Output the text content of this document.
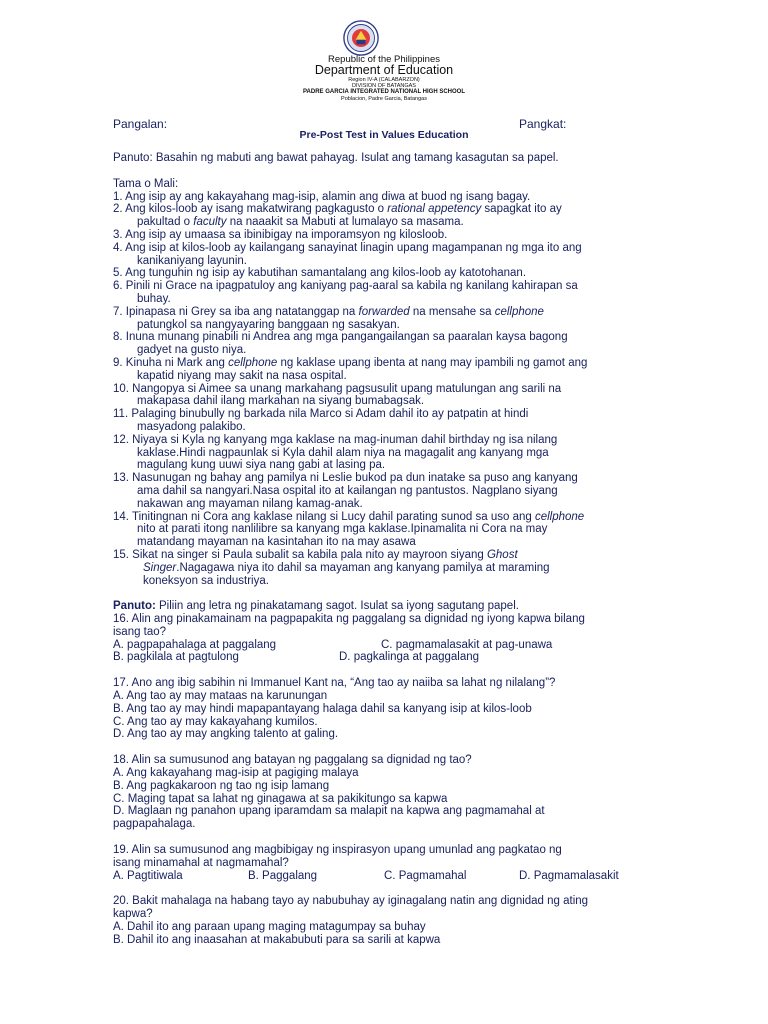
Republic of the Philippines
Department of Education
Region IV-A (CALABARZON)
DIVISION OF BATANGAS
PADRE GARCIA INTEGRATED NATIONAL HIGH SCHOOL
Poblacion, Padre Garcia, Batangas
Pangalan:	Pangkat:
Pre-Post Test in Values Education

Panuto: Basahin ng mabuti ang bawat pahayag. Isulat ang tamang kasagutan sa papel.

Tama o Mali:

1. Ang isip ay ang kakayahang mag-isip, alamin ang diwa at buod ng isang bagay.

2. Ang kilos-loob ay isang makatwirang pagkagusto o rational appetency sapagkat ito ay

pakultad o faculty na naaakit sa Mabuti at lumalayo sa masama.

3. Ang isip ay umaasa sa ibinibigay na imporamsyon ng kilosloob.

4. Ang isip at kilos-loob ay kailangang sanayinat linagin upang magampanan ng mga ito ang

kanikaniyang layunin.

5. Ang tunguhin ng isip ay kabutihan samantalang ang kilos-loob ay katotohanan.

6. Pinili ni Grace na ipagpatuloy ang kaniyang pag-aaral sa kabila ng kanilang kahirapan sa

buhay.

7. Ipinapasa ni Grey sa iba ang natatanggap na forwarded na mensahe sa cellphone

patungkol sa nangyayaring banggaan ng sasakyan.

8. Inuna munang pinabili ni Andrea ang mga pangangailangan sa paaralan kaysa bagong

gadyet na gusto niya.

9. Kinuha ni Mark ang cellphone ng kaklase upang ibenta at nang may ipambili ng gamot ang

kapatid niyang may sakit na nasa ospital.

10. Nangopya si Aimee sa unang markahang pagsusulit upang matulungan ang sarili na

makapasa dahil ilang markahan na siyang bumabagsak.

11. Palaging binubully ng barkada nila Marco si Adam dahil ito ay patpatin at hindi

masyadong palakibo.

12. Niyaya si Kyla ng kanyang mga kaklase na mag-inuman dahil birthday ng isa nilang

kaklase.Hindi nagpaunlak si Kyla dahil alam niya na magagalit ang kanyang mga

magulang kung uuwi siya nang gabi at lasing pa.

13. Nasunugan ng bahay ang pamilya ni Leslie bukod pa dun inatake sa puso ang kanyang

ama dahil sa nangyari.Nasa ospital ito at kailangan ng pantustos. Nagplano siyang

nakawan ang mayaman nilang kamag-anak.

14. Tinitingnan ni Cora ang kaklase nilang si Lucy dahil parating sunod sa uso ang cellphone

nito at parati itong nanlilibre sa kanyang mga kaklase.Ipinamalita ni Cora na may

matandang mayaman na kasintahan ito na may asawa

15. Sikat na singer si Paula subalit sa kabila pala nito ay mayroon siyang Ghost

Singer.Nagagawa niya ito dahil sa mayaman ang kanyang pamilya at maraming

koneksyon sa industriya.

Panuto: Piliin ang letra ng pinakatamang sagot. Isulat sa iyong sagutang papel.

16. Alin ang pinakamainam na pagpapakita ng paggalang sa dignidad ng iyong kapwa bilang

isang tao?

A. pagpapahalaga at paggalang	C. pagmamalasakit at pag-unawa
B. pagkilala at pagtulong	D. pagkalinga at paggalang

17. Ano ang ibig sabihin ni Immanuel Kant na, “Ang tao ay naiiba sa lahat ng nilalang”?

A. Ang tao ay may mataas na karunungan

B. Ang tao ay may hindi mapapantayang halaga dahil sa kanyang isip at kilos-loob

C. Ang tao ay may kakayahang kumilos.

D. Ang tao ay may angking talento at galing.

18. Alin sa sumusunod ang batayan ng paggalang sa dignidad ng tao?

A. Ang kakayahang mag-isip at pagiging malaya

B. Ang pagkakaroon ng tao ng isip lamang

C. Maging tapat sa lahat ng ginagawa at sa pakikitungo sa kapwa

D. Maglaan ng panahon upang iparamdam sa malapit na kapwa ang pagmamahal at

pagpapahalaga.

19. Alin sa sumusunod ang magbibigay ng inspirasyon upang umunlad ang pagkatao ng

isang minamahal at nagmamahal?

A. Pagtitiwala	B. Paggalang	C. Pagmamahal	D. Pagmamalasakit

20. Bakit mahalaga na habang tayo ay nabubuhay ay iginagalang natin ang dignidad ng ating

kapwa?

A. Dahil ito ang paraan upang maging matagumpay sa buhay

B. Dahil ito ang inaasahan at makabubuti para sa sarili at kapwa
